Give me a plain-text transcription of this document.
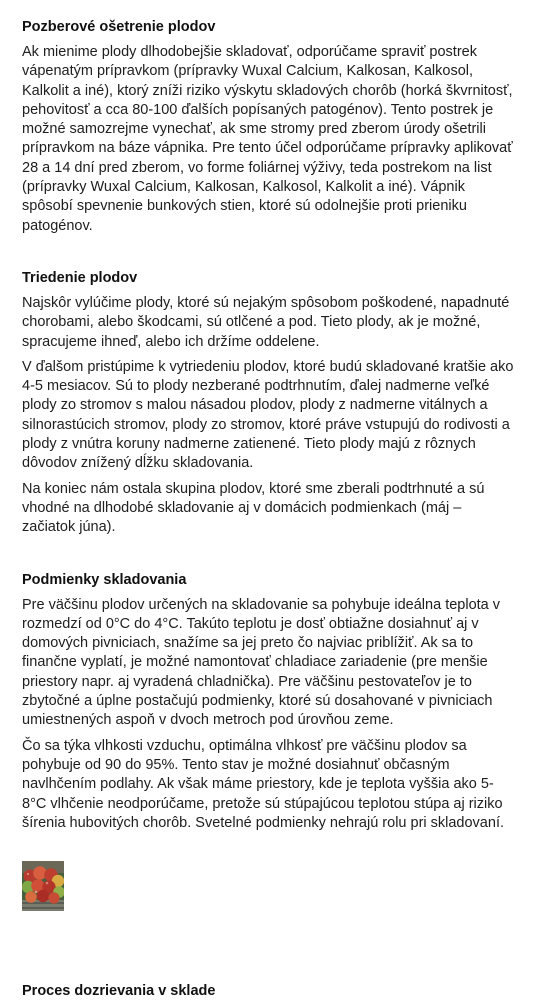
Pozberové ošetrenie plodov

Ak mienime plody dlhodobejšie skladovať, odporúčame spraviť postrek vápenatým prípravkom (prípravky Wuxal Calcium, Kalkosan, Kalkosol, Kalkolit a iné), ktorý zníži riziko výskytu skladových chorôb (horká škvrnitosť, pehovitosť a cca 80-100 ďalších popísaných patogénov). Tento postrek je možné samozrejme vynechať, ak sme stromy pred zberom úrody ošetrili prípravkom na báze vápnika. Pre tento účel odporúčame prípravky aplikovať 28 a 14 dní pred zberom, vo forme foliárnej výživy, teda postrekom na list (prípravky Wuxal Calcium, Kalkosan, Kalkosol, Kalkolit a iné). Vápnik spôsobí spevnenie bunkových stien, ktoré sú odolnejšie proti prieniku patogénov.

Triedenie plodov

Najskôr vylúčime plody, ktoré sú nejakým spôsobom poškodené, napadnuté chorobami, alebo škodcami, sú otlčené a pod. Tieto plody, ak je možné, spracujeme ihneď, alebo ich držíme oddelene.

V ďalšom pristúpime k vytriedeniu plodov, ktoré budú skladované kratšie ako 4-5 mesiacov. Sú to plody nezberané podtrhnutím, ďalej nadmerne veľké plody zo stromov s malou násadou plodov, plody z nadmerne vitálnych a silnorastúcich stromov, plody zo stromov, ktoré práve vstupujú do rodivosti a plody z vnútra koruny nadmerne zatienené. Tieto plody majú z rôznych dôvodov znížený dĺžku skladovania.

Na koniec nám ostala skupina plodov, ktoré sme zberali podtrhnuté a sú vhodné na dlhodobé skladovanie aj v domácich podmienkach (máj – začiatok júna).

Podmienky skladovania

Pre väčšinu plodov určených na skladovanie sa pohybuje ideálna teplota v rozmedzí od 0°C do 4°C. Takúto teplotu je dosť obtiažne dosiahnuť aj v domových pivniciach, snažíme sa jej preto čo najviac priblížiť. Ak sa to finančne vyplatí, je možné namontovať chladiace zariadenie (pre menšie priestory napr. aj vyradená chladnička). Pre väčšinu pestovateľov je to zbytočné a úplne postačujú podmienky, ktoré sú dosahované v pivniciach umiestnených aspoň v dvoch metroch pod úrovňou zeme.

Čo sa týka vlhkosti vzduchu, optimálna vlhkosť pre väčšinu plodov sa pohybuje od 90 do 95%. Tento stav je možné dosiahnuť občasným navlhčením podlahy. Ak však máme priestory, kde je teplota vyššia ako 5-8°C vlhčenie neodporúčame, pretože sú stúpajúcou teplotou stúpa aj riziko šírenia hubovitých chorôb. Svetelné podmienky nehrajú rolu pri skladovaní.

Proces dozrievania v sklade
